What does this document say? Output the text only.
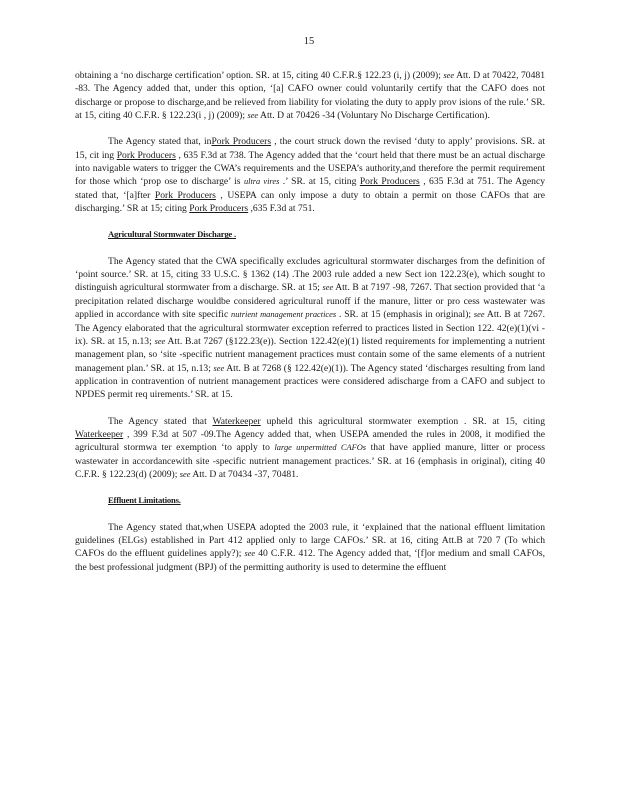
15

obtaining a ‘no discharge certification’ option. SR. at 15, citing 40 C.F.R.§ 122.23 (i, j) (2009); see Att. D at 70422, 70481 -83. The Agency added that, under this option, ‘[a] CAFO owner could voluntarily certify that the CAFO does not discharge or propose to discharge,and be relieved from liability for violating the duty to apply prov isions of the rule.’ SR. at 15, citing 40 C.F.R. § 122.23(i , j) (2009); see Att. D at 70426 -34 (Voluntary No Discharge Certification).

The Agency stated that, inPork Producers , the court struck down the revised ‘duty to apply’ provisions. SR. at 15, cit ing Pork Producers , 635 F.3d at 738. The Agency added that the ‘court held that there must be an actual discharge into navigable waters to trigger the CWA’s requirements and the USEPA’s authority,and therefore the permit requirement for those which ‘prop ose to discharge’ is ultra vires .’ SR. at 15, citing Pork Producers , 635 F.3d at 751. The Agency stated that, ‘[a]fter Pork Producers , USEPA can only impose a duty to obtain a permit on those CAFOs that are discharging.’ SR at 15; citing Pork Producers ,635 F.3d at 751.

Agricultural Stormwater Discharge .

The Agency stated that the CWA specifically excludes agricultural stormwater discharges from the definition of ‘point source.’ SR. at 15, citing 33 U.S.C. § 1362 (14) .The 2003 rule added a new Sect ion 122.23(e), which sought to distinguish agricultural stormwater from a discharge. SR. at 15; see Att. B at 7197 -98, 7267. That section provided that ‘a precipitation related discharge wouldbe considered agricultural runoff if the manure, litter or pro cess wastewater was applied in accordance with site specific nutrient management practices . SR. at 15 (emphasis in original); see Att. B at 7267. The Agency elaborated that the agricultural stormwater exception referred to practices listed in Section 122. 42(e)(1)(vi -ix). SR. at 15, n.13; see Att. B.at 7267 (§122.23(e)). Section 122.42(e)(1) listed requirements for implementing a nutrient management plan, so ‘site -specific nutrient management practices must contain some of the same elements of a nutrient management plan.’ SR. at 15, n.13; see Att. B at 7268 (§ 122.42(e)(1)). The Agency stated ‘discharges resulting from land application in contravention of nutrient management practices were considered adischarge from a CAFO and subject to NPDES permit req uirements.’ SR. at 15.

The Agency stated that Waterkeeper upheld this agricultural stormwater exemption . SR. at 15, citing Waterkeeper , 399 F.3d at 507 -09.The Agency added that, when USEPA amended the rules in 2008, it modified the agricultural stormwa ter exemption ‘to apply to large unpermitted CAFOs that have applied manure, litter or process wastewater in accordancewith site -specific nutrient management practices.’ SR. at 16 (emphasis in original), citing 40 C.F.R. § 122.23(d) (2009); see Att. D at 70434 -37, 70481.

Effluent Limitations.

The Agency stated that,when USEPA adopted the 2003 rule, it ‘explained that the national effluent limitation guidelines (ELGs) established in Part 412 applied only to large CAFOs.’ SR. at 16, citing Att.B at 720 7 (To which CAFOs do the effluent guidelines apply?); see 40 C.F.R. 412. The Agency added that, ‘[f]or medium and small CAFOs, the best professional judgment (BPJ) of the permitting authority is used to determine the effluent
